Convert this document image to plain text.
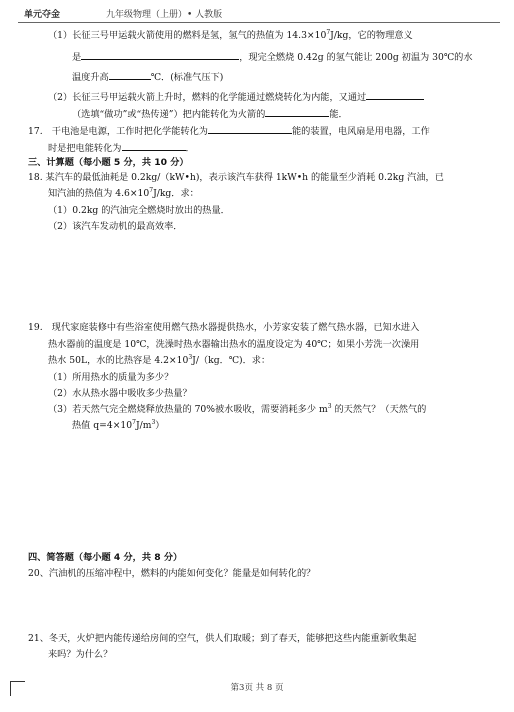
单元夺金	九年级物理（上册）• 人教版
（1）长征三号甲运载火箭使用的燃料是氢，氢气的热值为 $14.3\times 10^7J/kg$，它的物理意义
是	，现完全燃烧 0.42g 的氢气能让 200g 初温为 30℃的水
温度升高	℃．(标准气压下)
（2）长征三号甲运载火箭上升时，燃料的化学能通过燃烧转化为内能，又通过
（选填“做功”或“热传递”）把内能转化为火箭的	能．
17.　干电池是电源，工作时把化学能转化为	能的装置，电风扇是用电器，工作
时是把电能转化为	．
三、计算题（每小题 5 分，共 10 分）
18. 某汽车的最低油耗是 0.2kg/（kW•h)，表示该汽车获得 1kW•h 的能量至少消耗 0.2kg 汽油，已
知汽油的热值为 $4.6\times 10^7J/kg$．求：
（1）0.2kg 的汽油完全燃烧时放出的热量．
（2）该汽车发动机的最高效率．
19.　现代家庭装修中有些浴室使用燃气热水器提供热水，小芳家安装了燃气热水器，已知水进入
热水器前的温度是 10℃，洗澡时热水器输出热水的温度设定为 40℃；如果小芳洗一次澡用
热水 50L，水的比热容是 $4.2\times 10^3J/(kg$．℃)．求：
（1）所用热水的质量为多少？
（2）水从热水器中吸收多少热量？
（3）若天然气完全燃烧释放热量的 70%被水吸收，需要消耗多少 $m^3$ 的天然气？（天然气的
热值 $q=4\times 10^7J/m^3$）
四、简答题（每小题 4 分，共 8 分）
20、汽油机的压缩冲程中，燃料的内能如何变化？能量是如何转化的？
21、冬天，火炉把内能传递给房间的空气，供人们取暖；到了春天，能够把这些内能重新收集起
来吗？为什么？
第3页 共 8 页
